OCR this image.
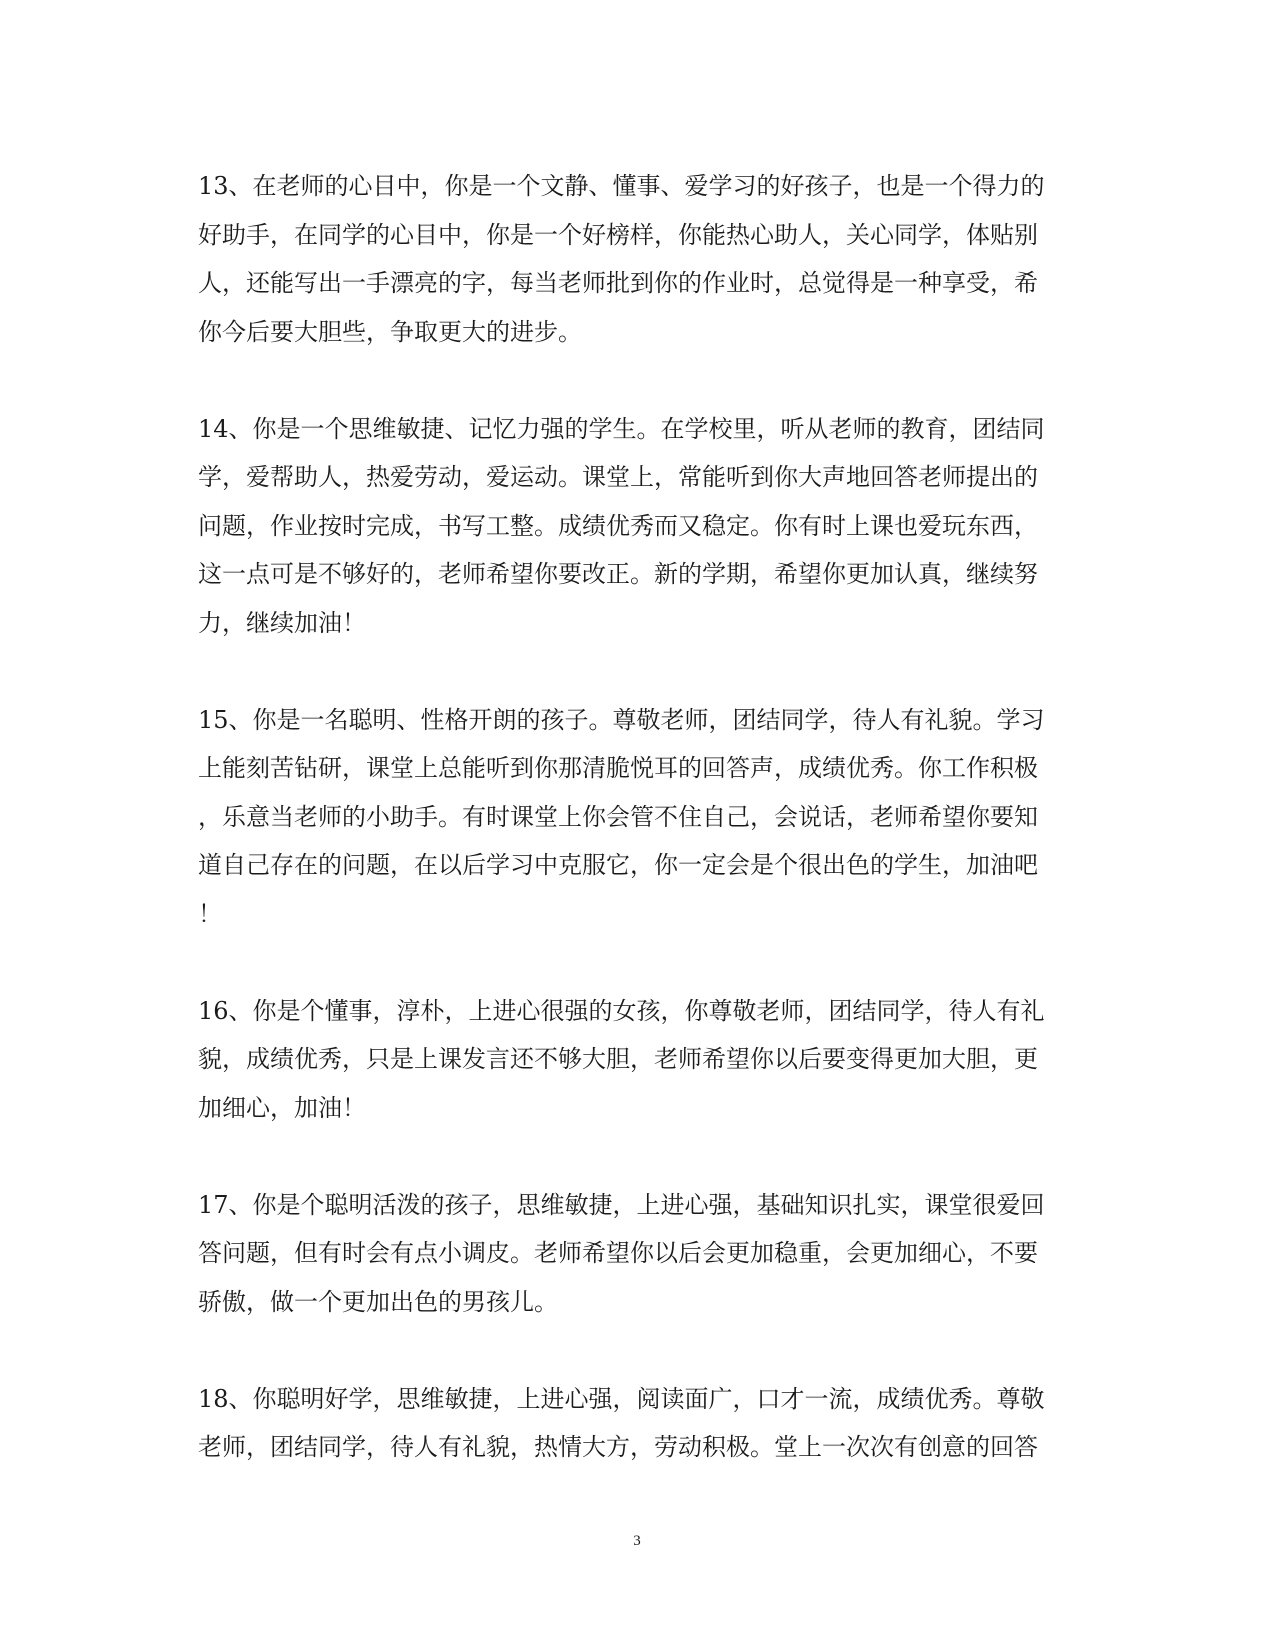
13、在老师的心目中，你是一个文静、懂事、爱学习的好孩子，也是一个得力的
好助手，在同学的心目中，你是一个好榜样，你能热心助人，关心同学，体贴别
人，还能写出一手漂亮的字，每当老师批到你的作业时，总觉得是一种享受，希
你今后要大胆些，争取更大的进步。
14、你是一个思维敏捷、记忆力强的学生。在学校里，听从老师的教育，团结同
学，爱帮助人，热爱劳动，爱运动。课堂上，常能听到你大声地回答老师提出的
问题，作业按时完成，书写工整。成绩优秀而又稳定。你有时上课也爱玩东西，
这一点可是不够好的，老师希望你要改正。新的学期，希望你更加认真，继续努
力，继续加油！
15、你是一名聪明、性格开朗的孩子。尊敬老师，团结同学，待人有礼貌。学习
上能刻苦钻研，课堂上总能听到你那清脆悦耳的回答声，成绩优秀。你工作积极
，乐意当老师的小助手。有时课堂上你会管不住自己，会说话，老师希望你要知
道自己存在的问题，在以后学习中克服它，你一定会是个很出色的学生，加油吧
！
16、你是个懂事，淳朴，上进心很强的女孩，你尊敬老师，团结同学，待人有礼
貌，成绩优秀，只是上课发言还不够大胆，老师希望你以后要变得更加大胆，更
加细心，加油！
17、你是个聪明活泼的孩子，思维敏捷，上进心强，基础知识扎实，课堂很爱回
答问题，但有时会有点小调皮。老师希望你以后会更加稳重，会更加细心，不要
骄傲，做一个更加出色的男孩儿。
18、你聪明好学，思维敏捷，上进心强，阅读面广，口才一流，成绩优秀。尊敬
老师，团结同学，待人有礼貌，热情大方，劳动积极。堂上一次次有创意的回答
3
